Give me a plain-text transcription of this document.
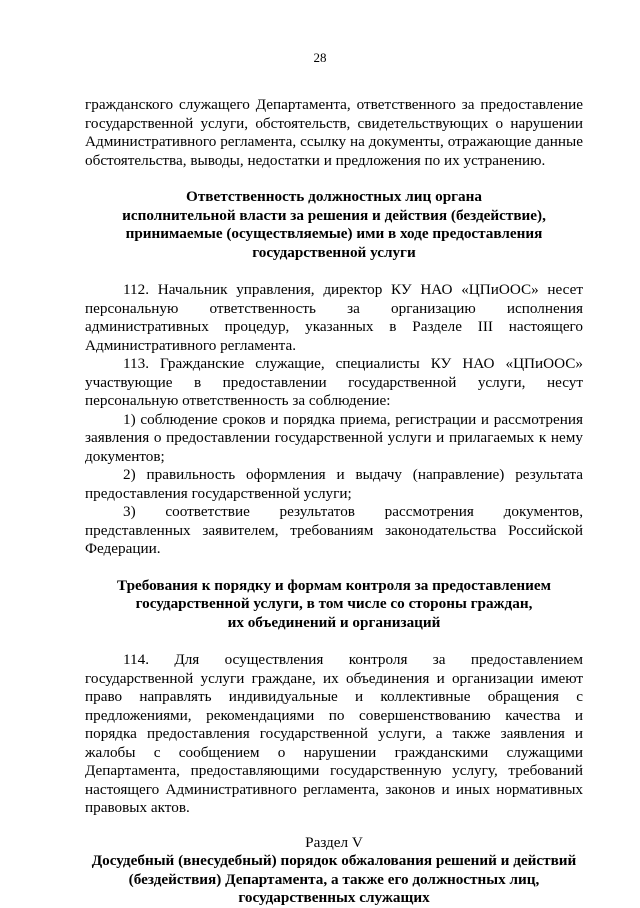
28

гражданского служащего Департамента, ответственного за предоставление государственной услуги, обстоятельств, свидетельствующих о нарушении Административного регламента, ссылку на документы, отражающие данные обстоятельства, выводы, недостатки и предложения по их устранению.

Ответственность должностных лиц органа
исполнительной власти за решения и действия (бездействие),
принимаемые (осуществляемые) ими в ходе предоставления
государственной услуги

112. Начальник управления, директор КУ НАО «ЦПиООС» несет персональную ответственность за организацию исполнения административных процедур, указанных в Разделе III настоящего Административного регламента.

113. Гражданские служащие, специалисты КУ НАО «ЦПиООС» участвующие в предоставлении государственной услуги, несут персональную ответственность за соблюдение:

1) соблюдение сроков и порядка приема, регистрации и рассмотрения заявления о предоставлении государственной услуги и прилагаемых к нему документов;

2) правильность оформления и выдачу (направление) результата предоставления государственной услуги;

3) соответствие результатов рассмотрения документов, представленных заявителем, требованиям законодательства Российской Федерации.

Требования к порядку и формам контроля за предоставлением
государственной услуги, в том числе со стороны граждан,
их объединений и организаций

114. Для осуществления контроля за предоставлением государственной услуги граждане, их объединения и организации имеют право направлять индивидуальные и коллективные обращения с предложениями, рекомендациями по совершенствованию качества и порядка предоставления государственной услуги, а также заявления и жалобы с сообщением о нарушении гражданскими служащими Департамента, предоставляющими государственную услугу, требований настоящего Административного регламента, законов и иных нормативных правовых актов.

Раздел V

Досудебный (внесудебный) порядок обжалования решений и действий
(бездействия) Департамента, а также его должностных лиц,
государственных служащих
